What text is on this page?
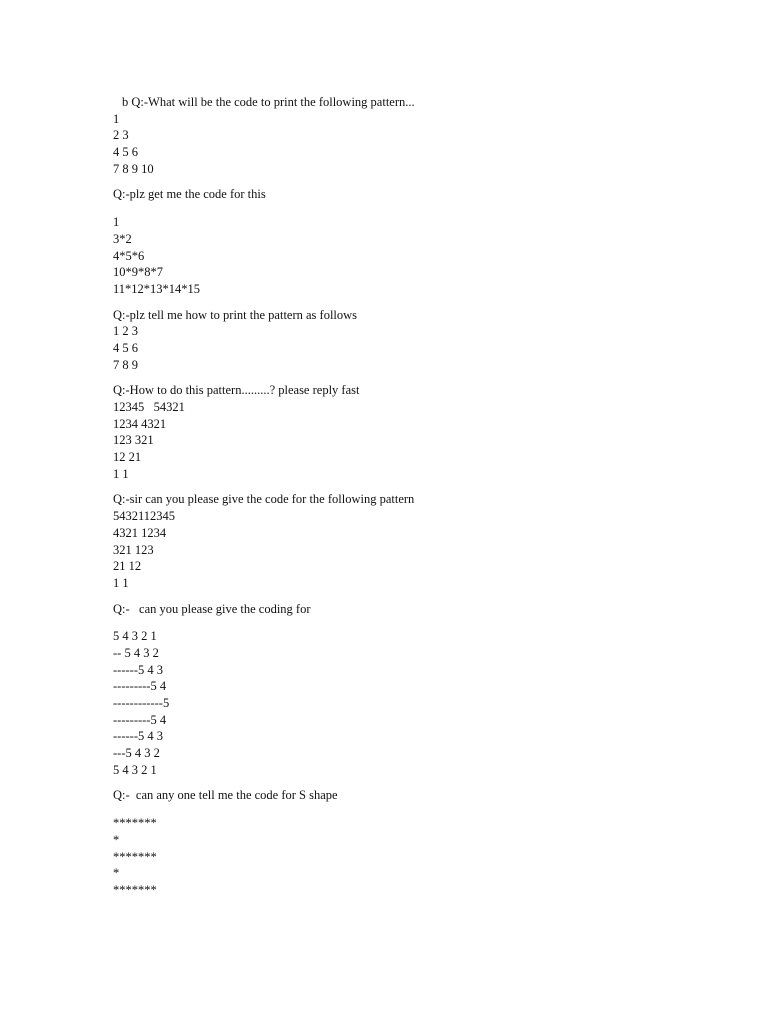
b Q:-What will be the code to print the following pattern...
1
2 3
4 5 6
7 8 9 10
Q:-plz get me the code for this
1
3*2
4*5*6
10*9*8*7
11*12*13*14*15
Q:-plz tell me how to print the pattern as follows
1 2 3
4 5 6
7 8 9
Q:-How to do this pattern.........? please reply fast
12345   54321
1234 4321
123 321
12 21
1 1
Q:-sir can you please give the code for the following pattern
5432112345
4321 1234
321 123
21 12
1 1
Q:-   can you please give the coding for
5 4 3 2 1
-- 5 4 3 2
------5 4 3
---------5 4
------------5
---------5 4
------5 4 3
---5 4 3 2
5 4 3 2 1
Q:-  can any one tell me the code for S shape
*******
*
*******
*
*******
